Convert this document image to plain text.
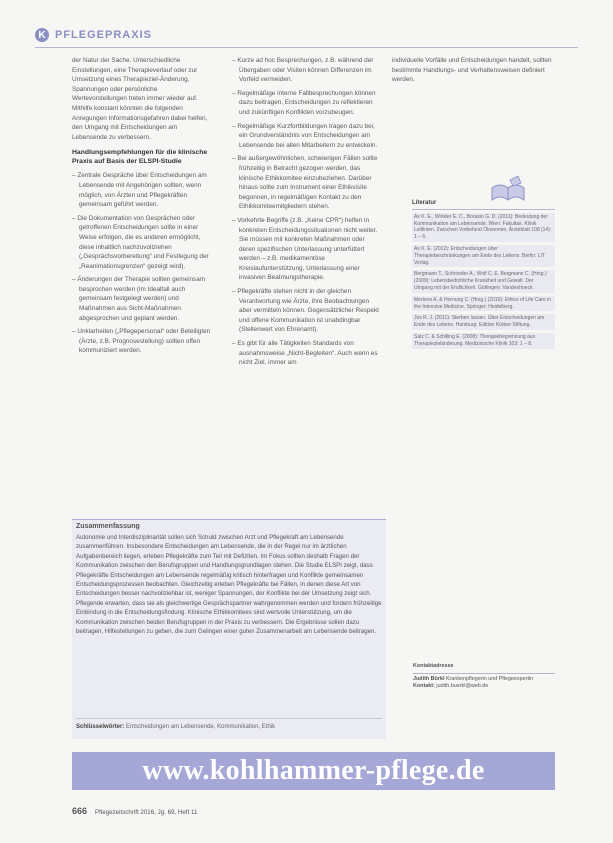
K PFLEGEPRAXIS

der Natur der Sache. Unterschiedliche Einstellungen, eine Therapieverlauf oder zur Umsetzung eines Therapieziel-Änderung, Spannungen oder persönliche Wertevorstellungen treten immer wieder auf. Mithilfe konstant könnten die folgenden Anregungen Informationsgefahren dabei helfen, den Umgang mit Entscheidungen am Lebensende zu verbessern.

Handlungsempfehlungen für die klinische Praxis auf Basis der ELSPI-Studie
– Zentrale Gespräche über Entscheidungen am Lebensende mit Angehörigen sollten, wenn möglich, von Ärzten und Pflegekräften gemeinsam geführt werden.
– Die Dokumentation von Gesprächen oder getroffenen Entscheidungen sollte in einer Weise erfolgen, die es anderen ermöglicht, diese inhaltlich nachzuvollziehen („Gesprächsvorbereitung“ und Festlegung der „Reanimationsgrenzen“ gezeigt wird).
– Änderungen der Therapie sollten gemeinsam besprochen werden (im Idealfall auch gemeinsam festgelegt werden) und Maßnahmen aus Sicht-Maßnahmen abgesprochen und geplant werden.
– Unklarheiten („Pflegepersonal“ oder Beteiligten (Ärzte, z.B. Prognosestellung) sollten offen kommuniziert werden.
– Kurze ad hoc Besprechungen, z.B. während der Übergaben oder Visiten können Differenzen im Vorfeld vermeiden.
– Regelmäßige interne Fallbesprechungen können dazu beitragen, Entscheidungen zu reflektieren und zukünftigen Konflikten vorzubeugen.
– Regelmäßige Kurzfortbildungen tragen dazu bei, ein Grundverständnis von Entscheidungen am Lebensende bei allen Mitarbeitern zu entwickeln.
– Bei außergewöhnlichen, schwierigen Fällen sollte frühzeitig in Betracht gezogen werden, das klinische Ethikkomitee einzubeziehen. Darüber hinaus sollte zum Instrument einer Ethikvisite begonnen, in regelmäßigen Kontakt zu den Ethikkomiteemitgliedern stehen.
– Vorkehrte Begriffe (z.B. „Keine CPR“) helfen in konkreten Entscheidungssituationen nicht weiter. Sie müssen mit konkreten Maßnahmen oder deren spezifischen Unterlassung unterfüttert werden – z.B. medikamentöse Kreislaufunterstützung, Unterlassung einer invasiven Beatmungstherapie.
– Pflegekräfte stehen nicht in der gleichen Verantwortung wie Ärzte, ihre Beobachtungen aber vermitteln können. Gegensätzlicher Respekt und offene Kommunikation ist unabdingbar (Stellenwert von Ehrenamt).
– Es gibt für alle Tätigkeiten Standards von ausnahmsweise „Nicht-Begleiten“. Auch wenn es nicht Ziel, immer am

individuelle Vorfälle und Entscheidungen handelt, sollten bestimmte Handlungs- und Verhaltensweisen definiert werden.

Literatur
Ax K. E., Winkler E. C., Borasio G. D. (2011): Bedeutung der Kommunikation am Lebensende. Wien: Fakultas. Klinik Leitlinien. Zwischen Vorbefund Ökonomie. Ärzteblatt 108 (14): 1 – 6.
Ax K. E. (2012): Entscheidungen über Therapiebeschränkungen am Ende des Lebens. Berlin: LIT Verlag.
Bergmann T., Schroeder A., Wolf C. E. Bergmann C. (Hrsg.) (2009): Lebensbedrohliche Krankheit und Gewalt. Der Umgang mit der Endlichkeit. Göttingen: Vandenhoeck.
Mertens A. & Hornung C. (Hrsg.) (2016): Ethics of Life Care in the Intensive Medicine. Springer: Heidelberg.
Jox R. J. (2011): Sterben lassen. Über Entscheidungen am Ende des Lebens. Hamburg: Edition Körber-Stiftung.
Salz C. & Schilling E. (2008): Therapiebegrenzung aus Therapiezieländerung. Medizinische Klinik 103: 1 – 8.
Zusammenfassung

Autonomie und Interdisziplinarität sollen sich Schuld zwischen Arzt und Pflegekraft am Lebensende zusammenführen. Insbesondere Entscheidungen am Lebensende, die in der Regel nur im ärztlichen Aufgabenbereich liegen, erleben Pflegekräfte zum Teil mit Defiziten. Im Fokus sollten deshalb Fragen der Kommunikation zwischen den Berufsgruppen und Handlungsgrundlagen stehen. Die Studie ELSPI zeigt, dass Pflegekräfte Entscheidungen am Lebensende regelmäßig kritisch hinterfragen und Konflikte gemeinsamen Entscheidungsprozessen beobachten. Gleichzeitig erleben Pflegekräfte bei Fällen, in denen diese Art von Entscheidungen besser nachvollziehbar ist, weniger Spannungen, der Konflikte bei der Umsetzung zeigt sich. Pflegende erwarten, dass sie als gleichwertige Gesprächspartner wahrgenommen werden und fordern frühzeitige Einbindung in die Entscheidungsfindung. Klinische Ethikkomitees sind wertvolle Unterstützung, um die Kommunikation zwischen beiden Berufsgruppen in der Praxis zu verbessern. Die Ergebnisse sollen dazu beitragen, Hilfestellungen zu geben, die zum Gelingen einer guten Zusammenarbeit am Lebensende beitragen.

Schlüsselwörter: Entscheidungen am Lebensende, Kommunikation, Ethik
Kontaktadresse
Judith Bürkl Krankenpflegerin und Pflegeexpertin
Kontakt: judith.buerkl@web.de
www.kohlhammer-pflege.de
666 Pflegezeitschrift 2016, Jg. 69, Heft 11
